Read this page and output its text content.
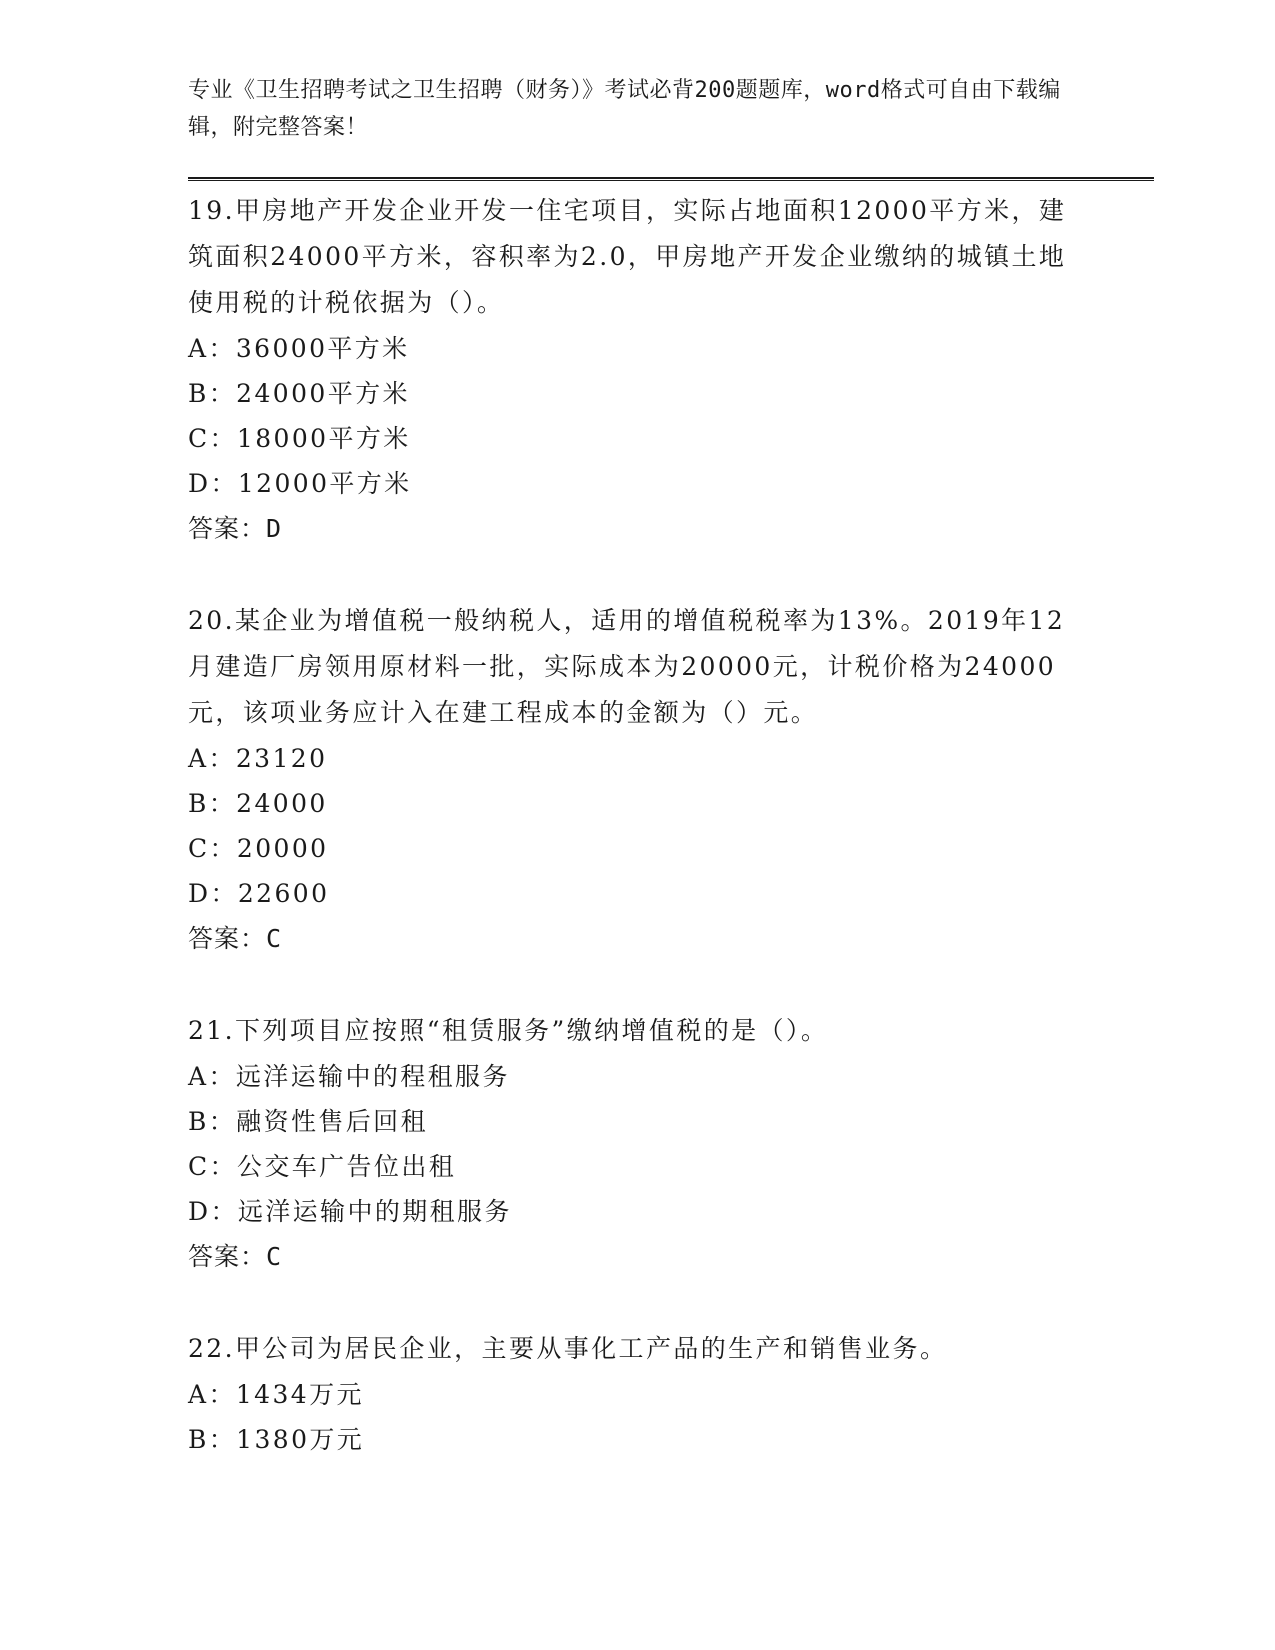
专业《卫生招聘考试之卫生招聘（财务）》考试必背200题题库，word格式可自由下载编辑，附完整答案！

19.甲房地产开发企业开发一住宅项目，实际占地面积12000平方米，建筑面积24000平方米，容积率为2.0，甲房地产开发企业缴纳的城镇土地使用税的计税依据为（）。

A：36000平方米

B：24000平方米

C：18000平方米

D：12000平方米

答案：D

20.某企业为增值税一般纳税人，适用的增值税税率为13%。2019年12月建造厂房领用原材料一批，实际成本为20000元，计税价格为24000元，该项业务应计入在建工程成本的金额为（）元。

A：23120

B：24000

C：20000

D：22600

答案：C

21.下列项目应按照“租赁服务”缴纳增值税的是（）。

A：远洋运输中的程租服务

B：融资性售后回租

C：公交车广告位出租

D：远洋运输中的期租服务

答案：C

22.甲公司为居民企业，主要从事化工产品的生产和销售业务。

A：1434万元

B：1380万元
